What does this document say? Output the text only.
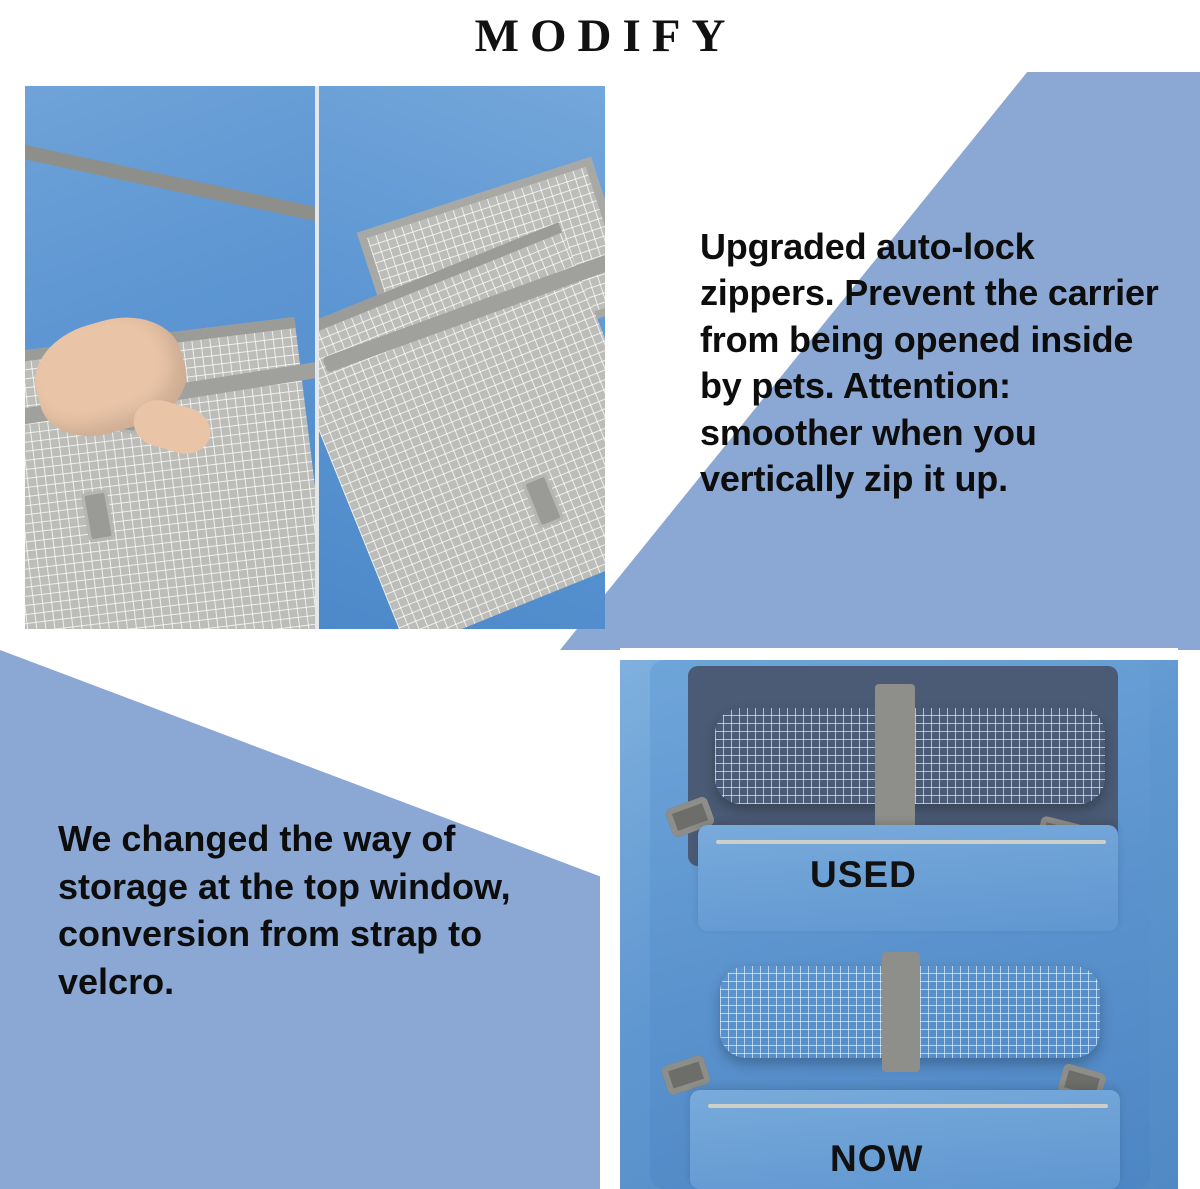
MODIFY
Upgraded auto-lock zippers. Prevent the carrier from being opened inside by pets. Attention: smoother when you vertically zip it up.
We changed the way of storage at the top window, conversion from strap to velcro.
USED
NOW
